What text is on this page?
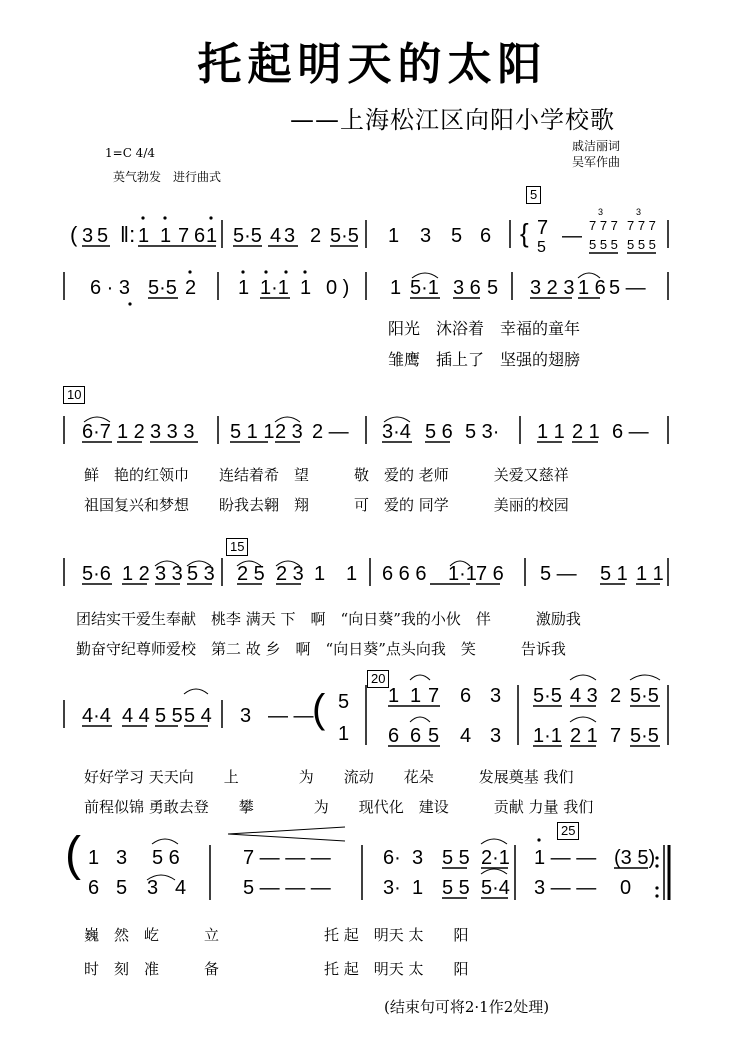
托起明天的太阳
——上海松江区向阳小学校歌
1=C 4/4
英气勃发　进行曲式
戚洁丽词
吴军作曲
5
10
15
20
25
( 3 5 ‖: 1 1 7 6 1 5·5 4 3 2 5·5 1 3 5 6 { 7
5
— 7 7 7
5 5 5
7 7 7
5 5 5
3	3
6 · 3 5·5 2 1 1·1 1 0 ) 1 5·1 3 6 5 3 2 3 1 6 5 —
6·7 1 2 3 3 3 5 1 1 2 3 2 — 3·4 5 6 5 3· 1 1 2 1 6 —
5·6 1 2 3 3 5 3 2 5 2 3 1 1 6 6 6 1·1 7 6 5 — 5 1 1 1
4·4 4 4 5 5 5 4 3 — —
( 5
1
1 1 7 6 3
6 6 5 4 3
5·5 4 3 2 5·5
1·1 2 1 7 5·5
( 1 3 5 6
6 5 3 4
7 — — —
5 — — —
6· 3 5 5 2·1
3· 1 5 5 5·4
1 — — (3 5)
3 — — 0
阳光　沐浴着　幸福的童年
雏鹰　插上了　坚强的翅膀
鲜　艳的红领巾　　连结着希　望　　　敬　爱的 老师　　　关爱又慈祥
祖国复兴和梦想　　盼我去翱　翔　　　可　爱的 同学　　　美丽的校园
团结实干爱生奉献　桃李 满天 下　啊　“向日葵”我的小伙　伴　　　激励我
勤奋守纪尊师爱校　第二 故 乡　啊　“向日葵”点头向我　笑　　　告诉我
好好学习 天天向　　上　　　　为　　流动　　花朵　　　发展奠基 我们
前程似锦 勇敢去登　　攀　　　　为　　现代化　建设　　　贡献 力量 我们
巍　然　屹　　　立　　　　　　　托 起　明天 太　　阳
时　刻　准　　　备　　　　　　　托 起　明天 太　　阳
(结束句可将2·1作2处理)
